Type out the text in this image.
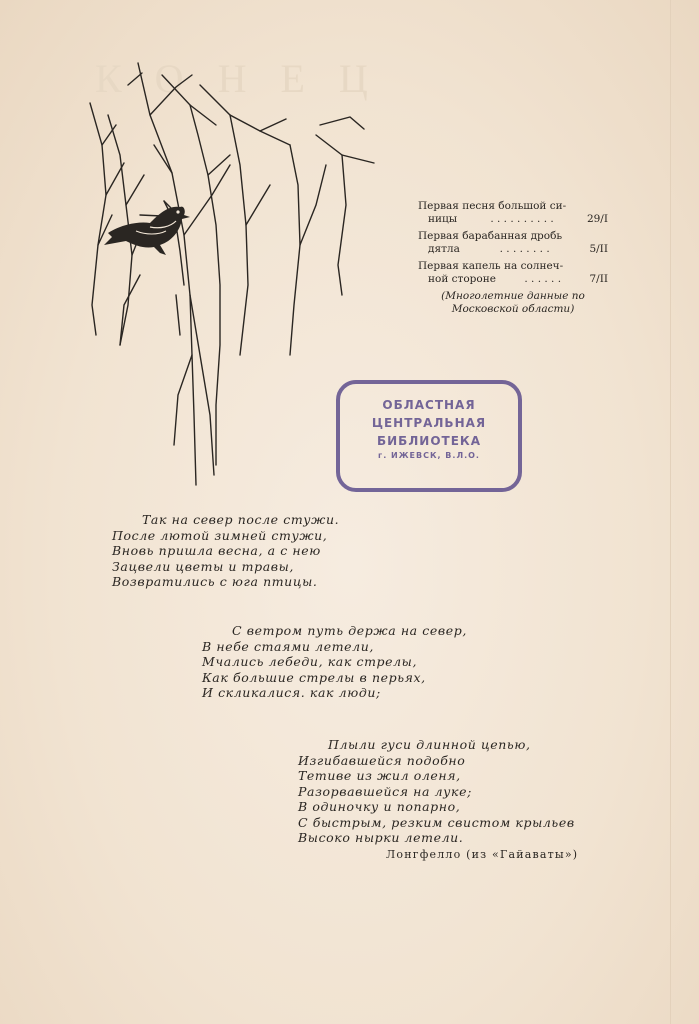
КОНЕЦ
Первая песня большой си-
ницы	. . . . . . . . . .	29/I
Первая барабанная дробь
дятла	. . . . . . . .	5/II
Первая капель на солнеч-
ной стороне	. . . . . .	7/II
(Многолетние данные по
Московской области)
ОБЛАСТНАЯ
ЦЕНТРАЛЬНАЯ
БИБЛИОТЕКА
г. ИЖЕВСК, В.Л.О.
Так на север после стужи.
После лютой зимней стужи,
Вновь пришла весна, а с нею
Зацвели цветы и травы,
Возвратились с юга птицы.
С ветром путь держа на север,
В небе стаями летели,
Мчались лебеди, как стрелы,
Как большие стрелы в перьях,
И скликалися. как люди;
Плыли гуси длинной цепью,
Изгибавшейся подобно
Тетиве из жил оленя,
Разорвавшейся на луке;
В одиночку и попарно,
С быстрым, резким свистом крыльев
Высоко нырки летели.
Лонгфелло (из «Гайаваты»)
